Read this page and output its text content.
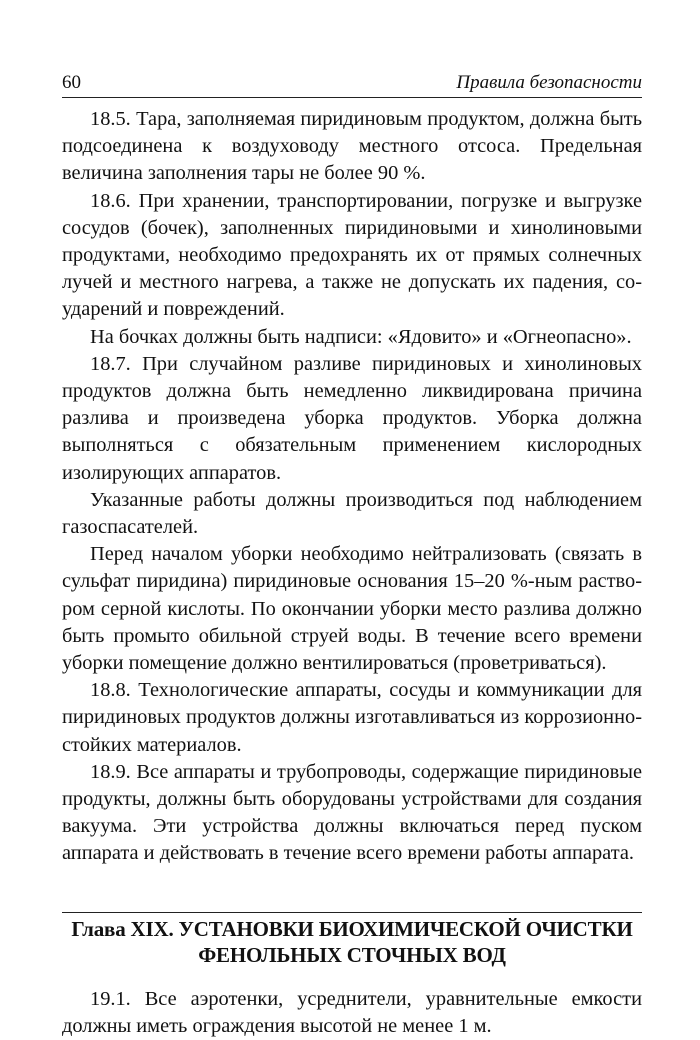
60	Правила безопасности

18.5. Тара, заполняемая пиридиновым продуктом, должна быть подсоединена к воздуховоду местного отсоса. Предельная величина заполнения тары не более 90 %.

18.6. При хранении, транспортировании, погрузке и выгрузке сосудов (бочек), заполненных пиридиновыми и хинолиновыми продуктами, необходимо предохранять их от прямых солнечных лучей и местного нагрева, а также не допускать их падения, соударений и повреждений.

На бочках должны быть надписи: «Ядовито» и «Огнеопасно».

18.7. При случайном разливе пиридиновых и хинолиновых продуктов должна быть немедленно ликвидирована причина разлива и произведена уборка продуктов. Уборка должна выполняться с обязательным применением кислородных изолирующих аппаратов.

Указанные работы должны производиться под наблюдением газоспасателей.

Перед началом уборки необходимо нейтрализовать (связать в сульфат пиридина) пиридиновые основания 15–20 %-ным раствором серной кислоты. По окончании уборки место разлива должно быть промыто обильной струей воды. В течение всего времени уборки помещение должно вентилироваться (проветриваться).

18.8. Технологические аппараты, сосуды и коммуникации для пиридиновых продуктов должны изготавливаться из коррозионностойких материалов.

18.9. Все аппараты и трубопроводы, содержащие пиридиновые продукты, должны быть оборудованы устройствами для создания вакуума. Эти устройства должны включаться перед пуском аппарата и действовать в течение всего времени работы аппарата.

Глава XIX. УСТАНОВКИ БИОХИМИЧЕСКОЙ ОЧИСТКИ
ФЕНОЛЬНЫХ СТОЧНЫХ ВОД

19.1. Все аэротенки, усреднители, уравнительные емкости должны иметь ограждения высотой не менее 1 м.
